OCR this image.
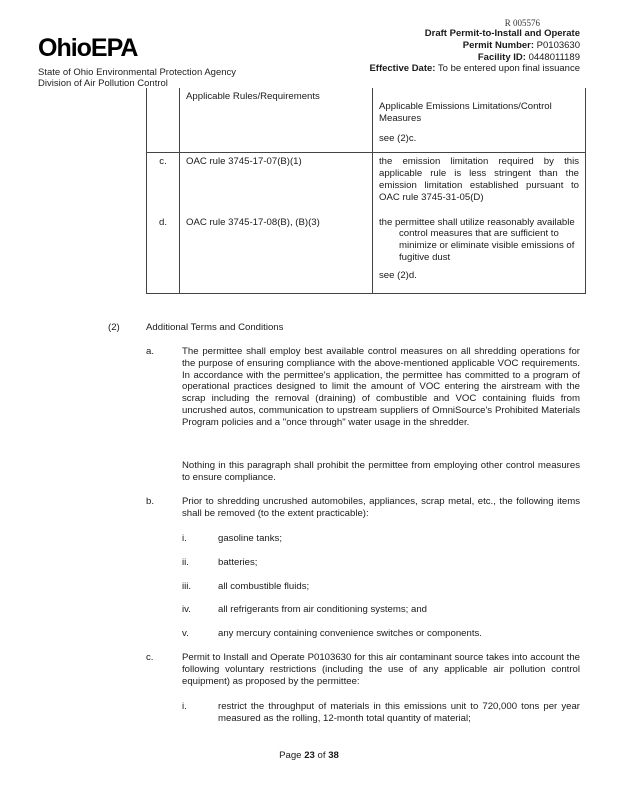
R 005576
OhioEPA
State of Ohio Environmental Protection Agency
Division of Air Pollution Control
Draft Permit-to-Install and Operate
Permit Number: P0103630
Facility ID: 0448011189
Effective Date: To be entered upon final issuance
	Applicable Rules/Requirements	Applicable Emissions Limitations/Control Measures
see (2)c.

c.	OAC rule 3745-17-07(B)(1)	the emission limitation required by this applicable rule is less stringent than the emission limitation established pursuant to OAC rule 3745-31-05(D)
d.	OAC rule 3745-17-08(B), (B)(3)	the permittee shall utilize reasonably available control measures that are sufficient to minimize or eliminate visible emissions of fugitive dust
see (2)d.
(2)	Additional Terms and Conditions
a.	The permittee shall employ best available control measures on all shredding operations for the purpose of ensuring compliance with the above-mentioned applicable VOC requirements. In accordance with the permittee's application, the permittee has committed to a program of operational practices designed to limit the amount of VOC entering the airstream with the scrap including the removal (draining) of combustible and VOC containing fluids from uncrushed autos, communication to upstream suppliers of OmniSource's Prohibited Materials Program policies and a "once through" water usage in the shredder.
Nothing in this paragraph shall prohibit the permittee from employing other control measures to ensure compliance.
b.	Prior to shredding uncrushed automobiles, appliances, scrap metal, etc., the following items shall be removed (to the extent practicable):
i.	gasoline tanks;
ii.	batteries;
iii.	all combustible fluids;
iv.	all refrigerants from air conditioning systems; and
v.	any mercury containing convenience switches or components.
c.	Permit to Install and Operate P0103630 for this air contaminant source takes into account the following voluntary restrictions (including the use of any applicable air pollution control equipment) as proposed by the permittee:
i.	restrict the throughput of materials in this emissions unit to 720,000 tons per year measured as the rolling, 12-month total quantity of material;
Page 23 of 38
